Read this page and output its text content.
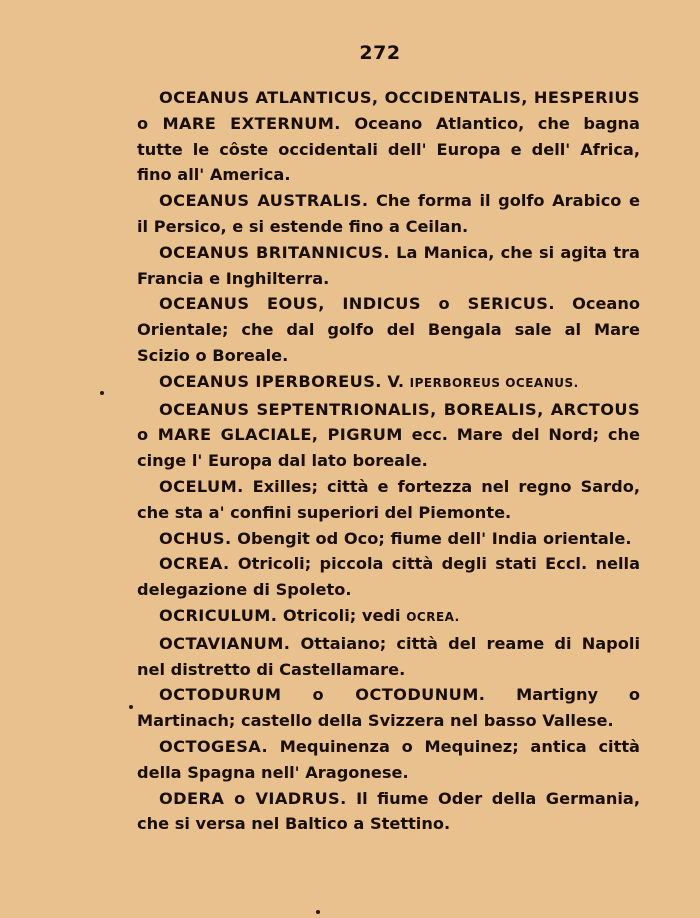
272

OCEANUS ATLANTICUS, OCCIDENTALIS, HESPERIUS o MARE EXTERNUM. Oceano Atlantico, che bagna tutte le côste occidentali dell' Europa e dell' Africa, fino all' America.

OCEANUS AUSTRALIS. Che forma il golfo Arabico e il Persico, e si estende fino a Ceilan.

OCEANUS BRITANNICUS. La Manica, che si agita tra Francia e Inghilterra.

OCEANUS EOUS, INDICUS o SERICUS. Oceano Orientale; che dal golfo del Bengala sale al Mare Scizio o Boreale.

OCEANUS IPERBOREUS. V. IPERBOREUS OCEANUS.

OCEANUS SEPTENTRIONALIS, BOREALIS, ARCTOUS o MARE GLACIALE, PIGRUM ecc. Mare del Nord; che cinge l' Europa dal lato boreale.

OCELUM. Exilles; città e fortezza nel regno Sardo, che sta a' confini superiori del Piemonte.

OCHUS. Obengit od Oco; fiume dell' India orientale.

OCREA. Otricoli; piccola città degli stati Eccl. nella delegazione di Spoleto.

OCRICULUM. Otricoli; vedi OCREA.

OCTAVIANUM. Ottaiano; città del reame di Napoli nel distretto di Castellamare.

OCTODURUM o OCTODUNUM. Martigny o Martinach; castello della Svizzera nel basso Vallese.

OCTOGESA. Mequinenza o Mequinez; antica città della Spagna nell' Aragonese.

ODERA o VIADRUS. Il fiume Oder della Germania, che si versa nel Baltico a Stettino.
